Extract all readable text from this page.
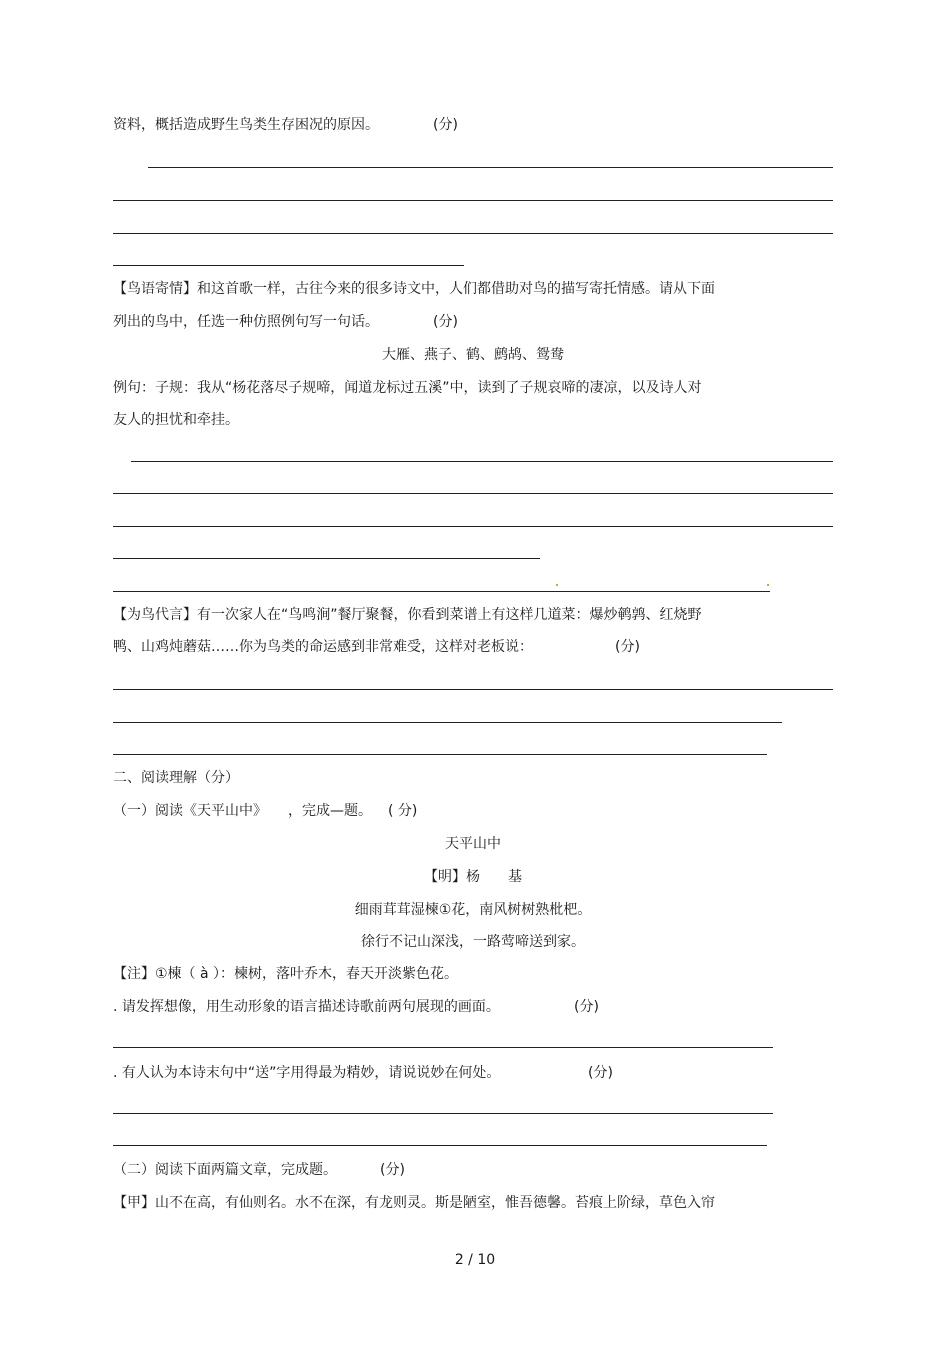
资料，概括造成野生鸟类生存困况的原因。	(分)
【鸟语寄情】和这首歌一样，古往今来的很多诗文中，人们都借助对鸟的描写寄托情感。请从下面
列出的鸟中，任选一种仿照例句写一句话。	(分)
大雁、燕子、鹤、鹧鸪、鸳鸯
例句：子规：我从“杨花落尽子规啼，闻道龙标过五溪”中，读到了子规哀啼的凄凉，以及诗人对
友人的担忧和牵挂。
【为鸟代言】有一次家人在“鸟鸣涧”餐厅聚餐，你看到菜谱上有这样几道菜：爆炒鹌鹑、红烧野
鸭、山鸡炖蘑菇……你为鸟类的命运感到非常难受，这样对老板说：	(分)
二、阅读理解（分）
（一）阅读《天平山中》 ，完成—题。 ( 分)
天平山中
【明】杨　　基
细雨茸茸湿楝①花，南风树树熟枇杷。
徐行不记山深浅，一路莺啼送到家。
【注】①楝（ à ）：楝树，落叶乔木，春天开淡紫色花。
. 请发挥想像，用生动形象的语言描述诗歌前两句展现的画面。	(分)
. 有人认为本诗末句中“送”字用得最为精妙，请说说妙在何处。	(分)
（二）阅读下面两篇文章，完成题。	(分)
【甲】山不在高，有仙则名。水不在深，有龙则灵。斯是陋室，惟吾德馨。苔痕上阶绿，草色入帘
2 / 10
